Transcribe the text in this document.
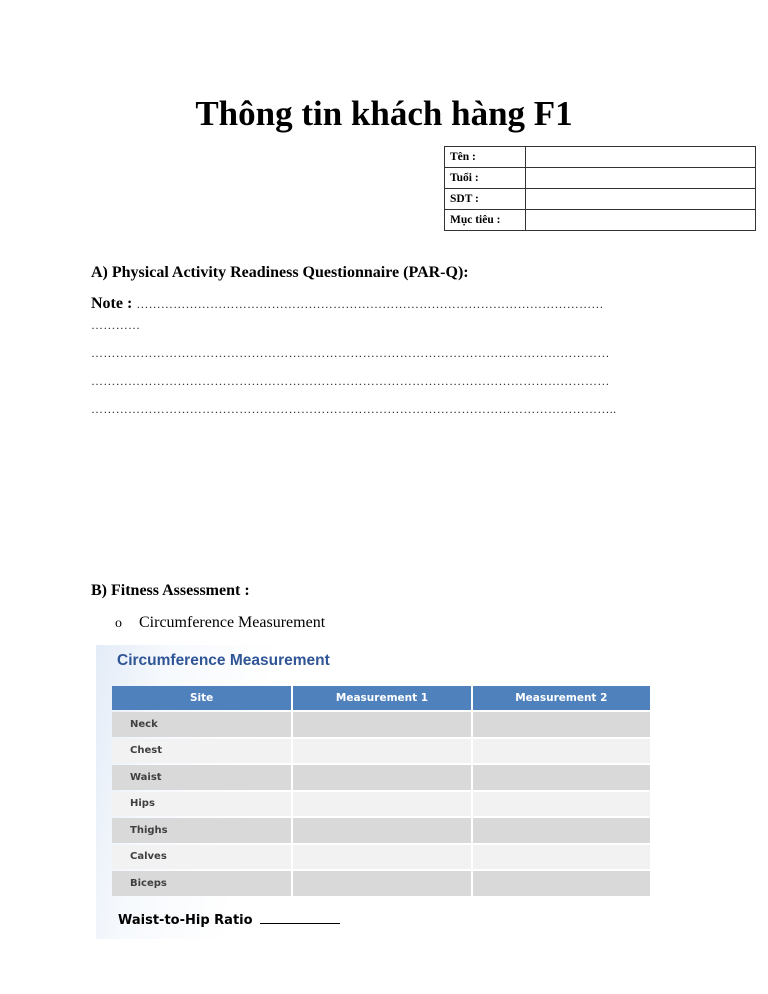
Thông tin khách hàng F1
Tên :	
Tuổi :	
SDT :	
Mục tiêu :	
A) Physical Activity Readiness Questionnaire (PAR-Q):
Note : ……………………………………………………………………………………………………
…………
………………………………………………………………………………………………………………
………………………………………………………………………………………………………………
………………………………………………………………………………………………………………..
B) Fitness Assessment :
o Circumference Measurement
Circumference Measurement
Site	Measurement 1	Measurement 2
Neck		
Chest		
Waist		
Hips		
Thighs		
Calves		
Biceps		
Waist-to-Hip Ratio
